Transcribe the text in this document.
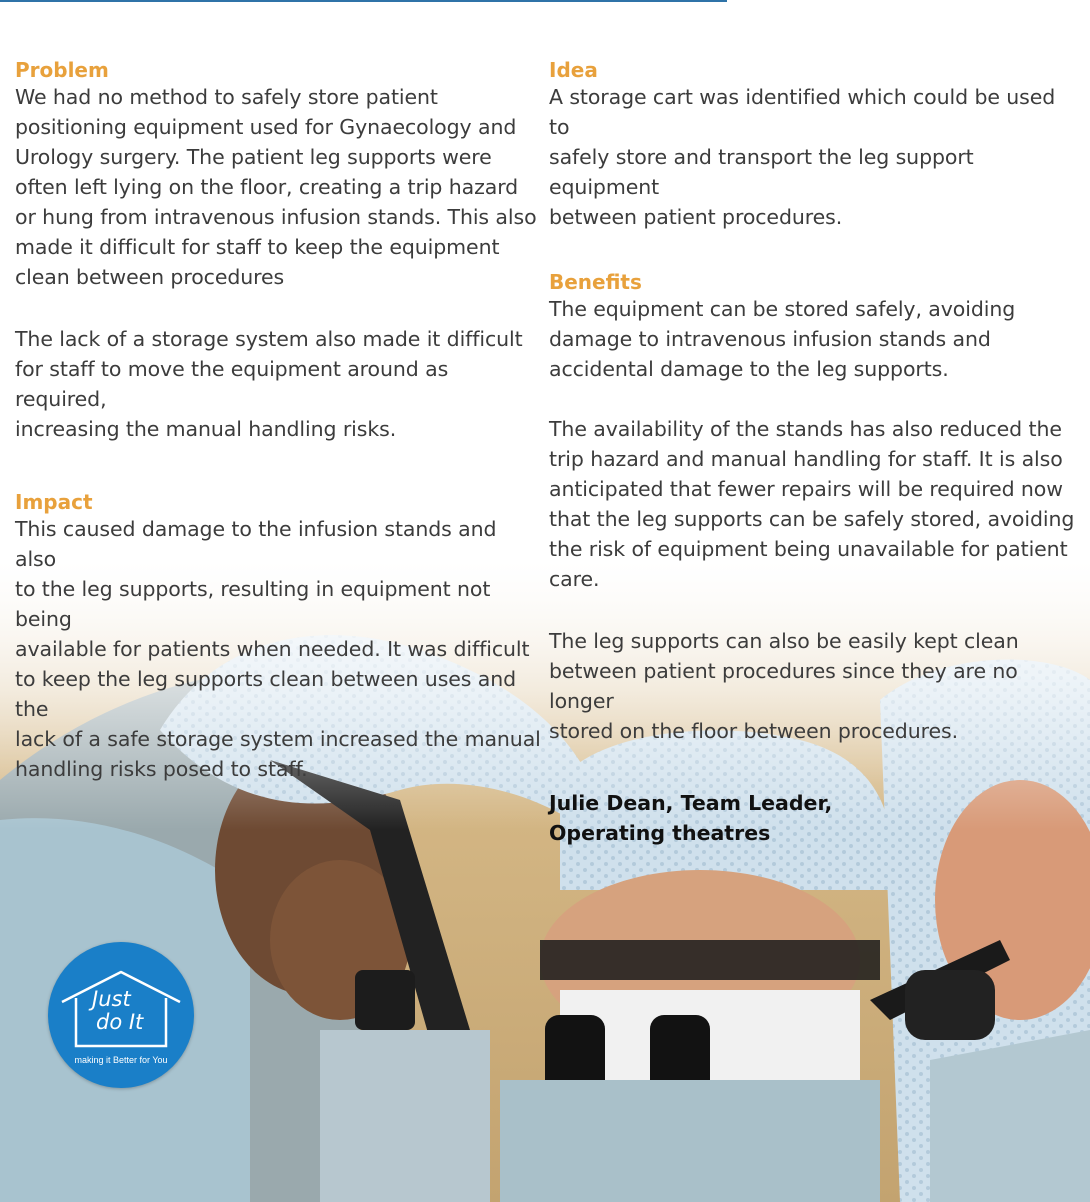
Problem

We had no method to safely store patient

positioning equipment used for Gynaecology and

Urology surgery. The patient leg supports were

often left lying on the floor, creating a trip hazard

or hung from intravenous infusion stands. This also

made it difficult for staff to keep the equipment

clean between procedures

The lack of a storage system also made it difficult

for staff to move the equipment around as required,

increasing the manual handling risks.

Impact

This caused damage to the infusion stands and also

to the leg supports, resulting in equipment not being

available for patients when needed. It was difficult

to keep the leg supports clean between uses and the

lack of a safe storage system increased the manual

handling risks posed to staff.

Idea

A storage cart was identified which could be used to

safely store and transport the leg support equipment

between patient procedures.

Benefits

The equipment can be stored safely, avoiding

damage to intravenous infusion stands and

accidental damage to the leg supports.

The availability of the stands has also reduced the

trip hazard and manual handling for staff. It is also

anticipated that fewer repairs will be required now

that the leg supports can be safely stored, avoiding

the risk of equipment being unavailable for patient

care.

The leg supports can also be easily kept clean

between patient procedures since they are no longer

stored on the floor between procedures.

Julie Dean, Team Leader,

Operating theatres

Just
do It
making it Better for You
